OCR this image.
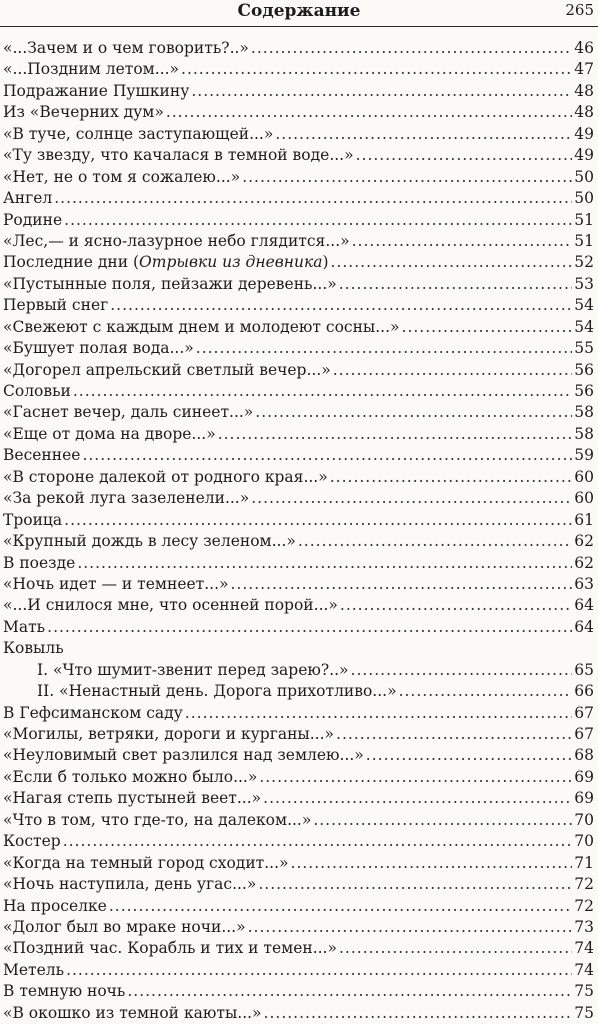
Содержание	265
«...Зачем и о чем говорить?..» .....	46
«...Поздним летом...» .....	47
Подражание Пушкину .....	48
Из «Вечерних дум» .....	48
«В туче, солнце заступающей...» .....	49
«Ту звезду, что качалася в темной воде...» .....	49
«Нет, не о том я сожалею...» .....	50
Ангел .....	50
Родине .....	51
«Лес,— и ясно-лазурное небо глядится...» .....	51
Последние дни (Отрывки из дневника) .....	52
«Пустынные поля, пейзажи деревень...» .....	53
Первый снег .....	54
«Свежеют с каждым днем и молодеют сосны...» .....	54
«Бушует полая вода...» .....	55
«Догорел апрельский светлый вечер...» .....	56
Соловьи .....	56
«Гаснет вечер, даль синеет...» .....	58
«Еще от дома на дворе...» .....	58
Весеннее .....	59
«В стороне далекой от родного края...» .....	60
«За рекой луга зазеленели...» .....	60
Троица .....	61
«Крупный дождь в лесу зеленом...» .....	62
В поезде .....	62
«Ночь идет — и темнеет...» .....	63
«...И снилося мне, что осенней порой...» .....	64
Мать .....	64
Ковыль
I. «Что шумит-звенит перед зарею?..» .....	65
II. «Ненастный день. Дорога прихотливо...» .....	66
В Гефсиманском саду .....	67
«Могилы, ветряки, дороги и курганы...» .....	67
«Неуловимый свет разлился над землею...» .....	68
«Если б только можно было...» .....	69
«Нагая степь пустыней веет...» .....	69
«Что в том, что где-то, на далеком...» .....	70
Костер .....	70
«Когда на темный город сходит...» .....	71
«Ночь наступила, день угас...» .....	72
На проселке .....	72
«Долог был во мраке ночи...» .....	73
«Поздний час. Корабль и тих и темен...» .....	74
Метель .....	74
В темную ночь .....	75
«В окошко из темной каюты...» .....	75
